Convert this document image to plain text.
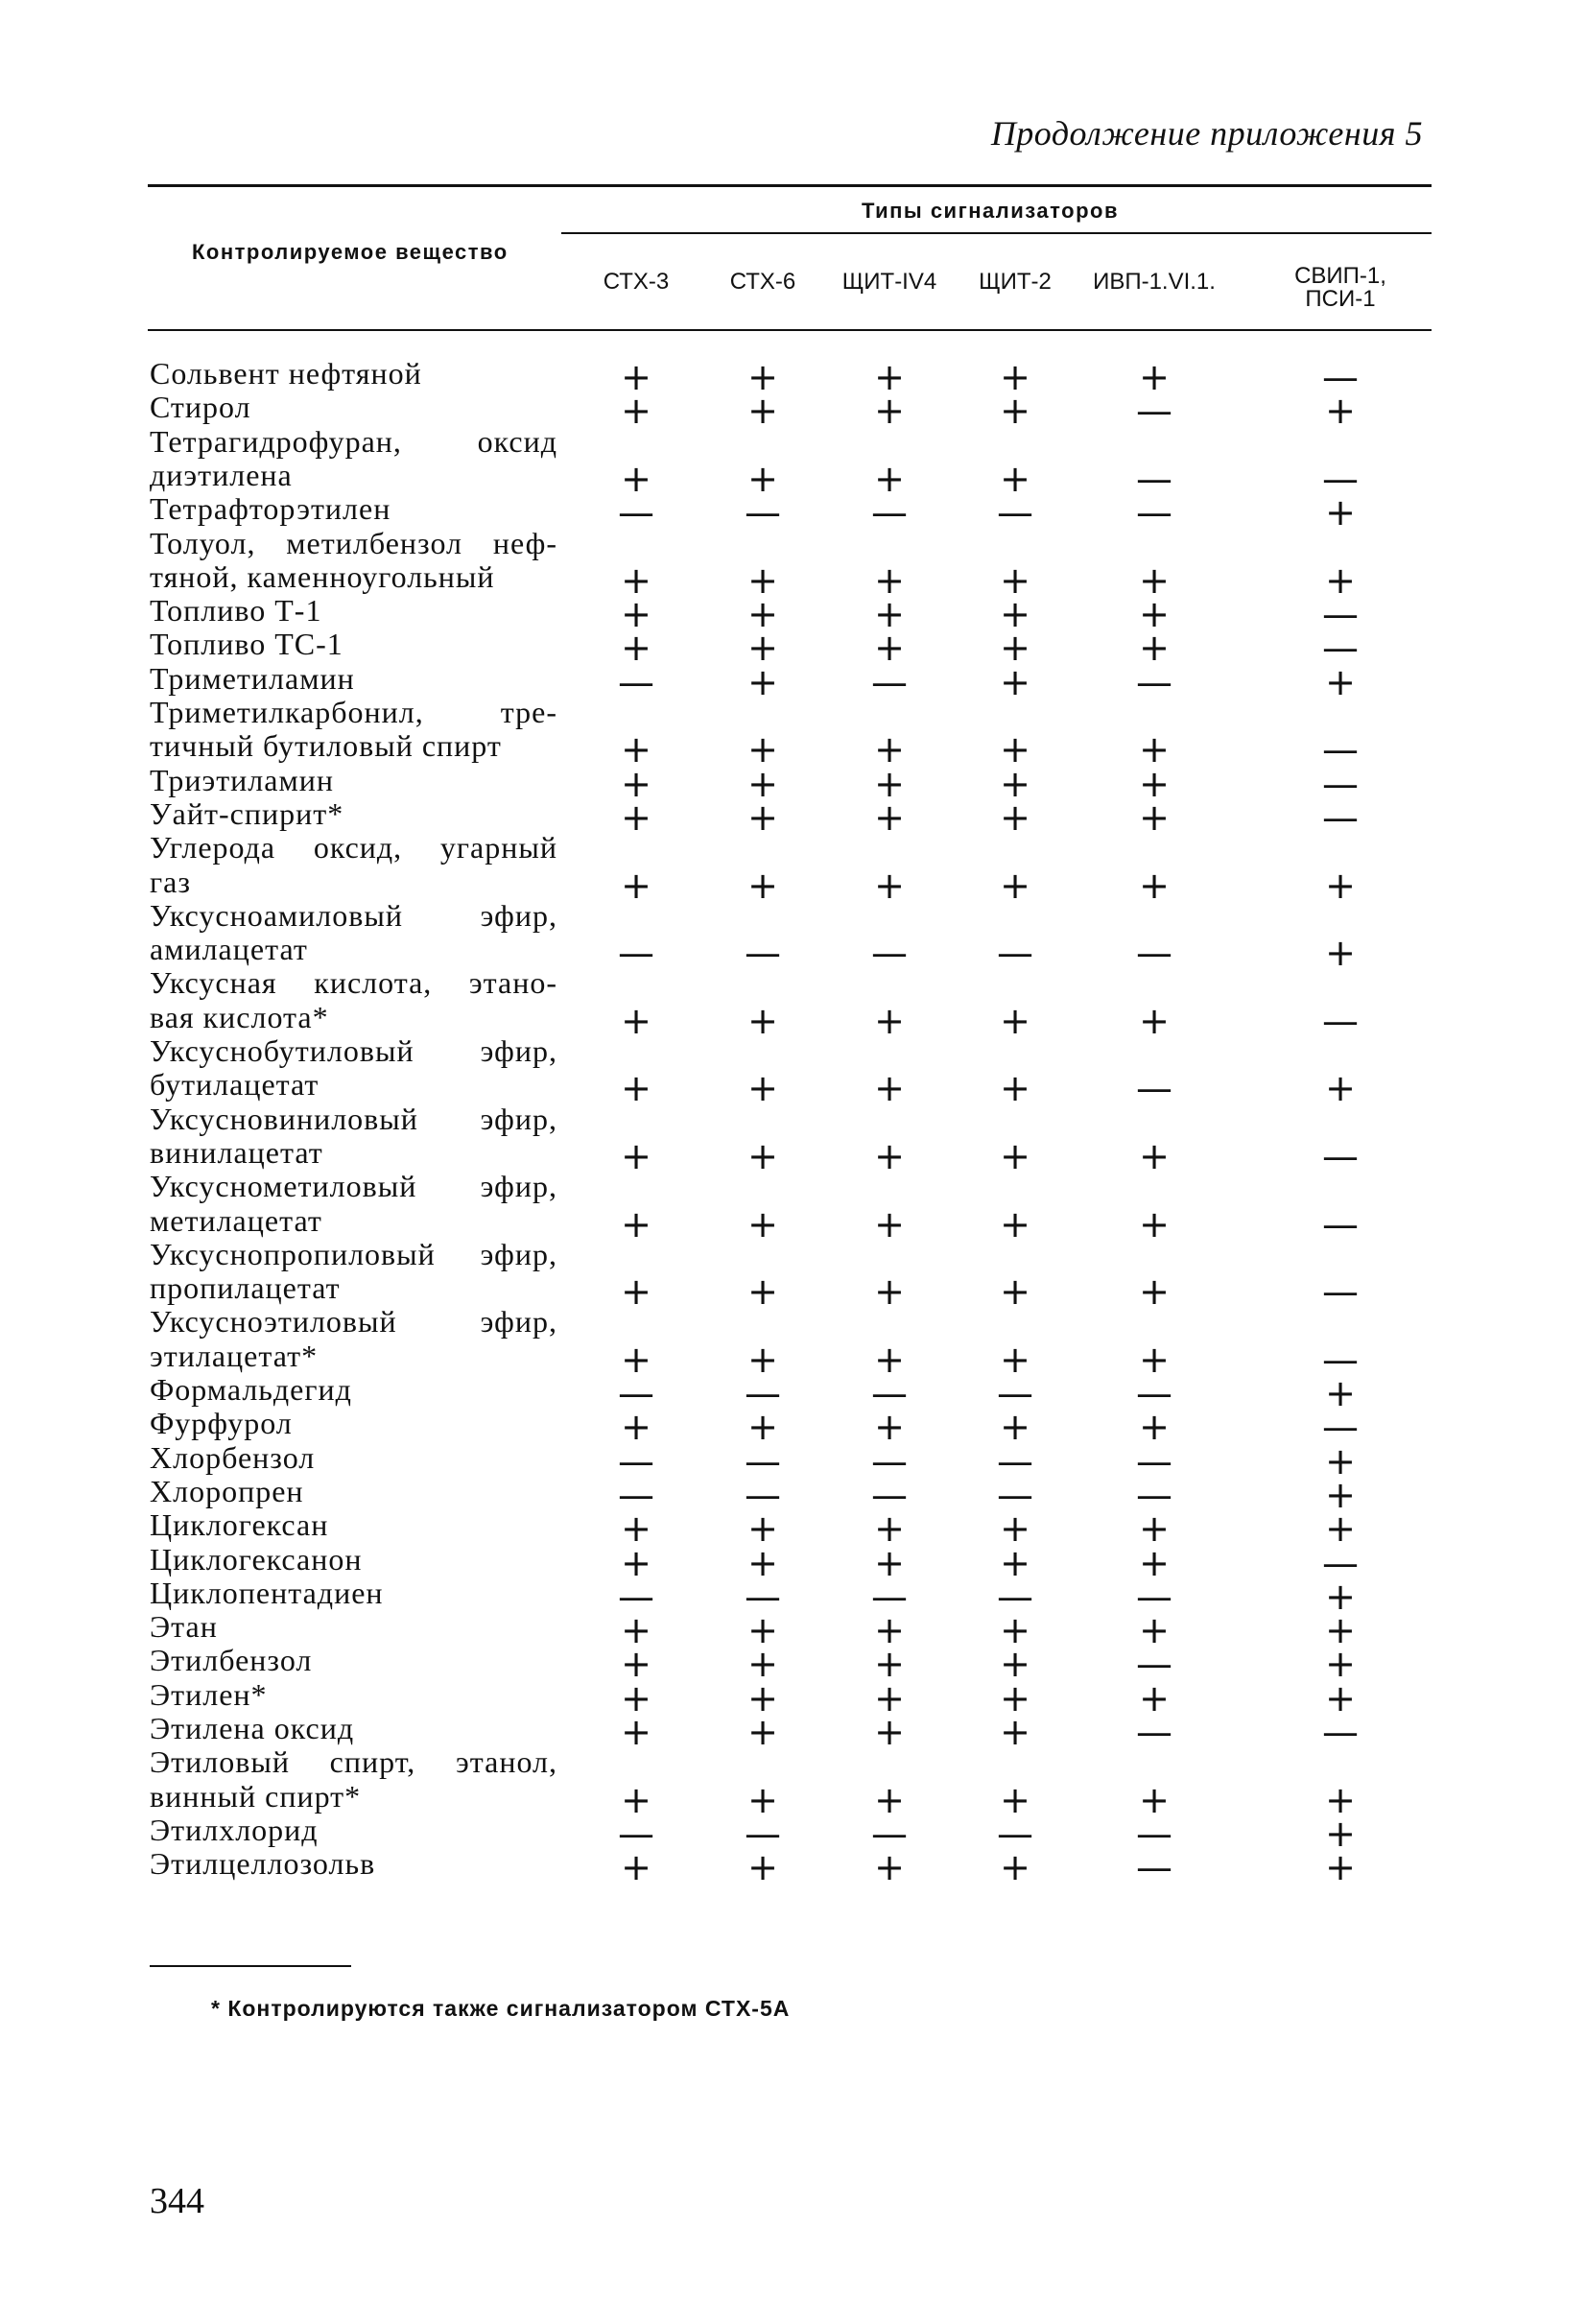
Продолжение приложения 5
Контролируемое вещество
Типы сигнализаторов
СТХ-3	СТХ-6	ЩИТ-IV4	ЩИТ-2	ИВП-1.VI.1.	СВИП-1,
ПСИ-1
Сольвент нефтяной	+	+	+	+	+	—
Стирол	+	+	+	+	—	+
Тетрагидрофуран, оксид
диэтилена	+	+	+	+	—	—
Тетрафторэтилен	— — — —	—	+
Толуол, метилбензол неф-
тяной, каменноугольный	+	+	+	+	+	+
Топливо Т-1	+	+	+	+	+	—
Топливо ТС-1	+	+	+	+	+	—
Триметиламин	—	+	—	+	—	+
Триметилкарбонил, тре-
тичный бутиловый спирт	+	+	+	+	+	—
Триэтиламин	+	+	+	+	+	—
Уайт-спирит*	+	+	+	+	+	—
Углерода оксид, угарный
газ	+	+	+	+	+	+
Уксусноамиловый эфир,
амилацетат	— — — —	—	+
Уксусная кислота, этано-
вая кислота*	+	+	+	+	+	—
Уксуснобутиловый эфир,
бутилацетат	+	+	+	+	—	+
Уксусновиниловый эфир,
винилацетат	+	+	+	+	+	—
Уксуснометиловый эфир,
метилацетат	+	+	+	+	+	—
Уксуснопропиловый эфир,
пропилацетат	+	+	+	+	+	—
Уксусноэтиловый эфир,
этилацетат*	+	+	+	+	+	—
Формальдегид	— — — —	—	+
Фурфурол	+	+	+	+	+	—
Хлорбензол	— — — —	—	+
Хлоропрен	— — — —	—	+
Циклогексан	+	+	+	+	+	+
Циклогексанон	+	+	+	+	+	—
Циклопентадиен	— — — —	—	+
Этан	+	+	+	+	+	+
Этилбензол	+	+	+	+	—	+
Этилен*	+	+	+	+	+	+
Этилена оксид	+	+	+	+	—	—
Этиловый спирт, этанол,
винный спирт*	+	+	+	+	+	+
Этилхлорид	— — — —	—	+
Этилцеллозольв	+	+	+	+	—	+
* Контролируются также сигнализатором СТХ-5А
344
